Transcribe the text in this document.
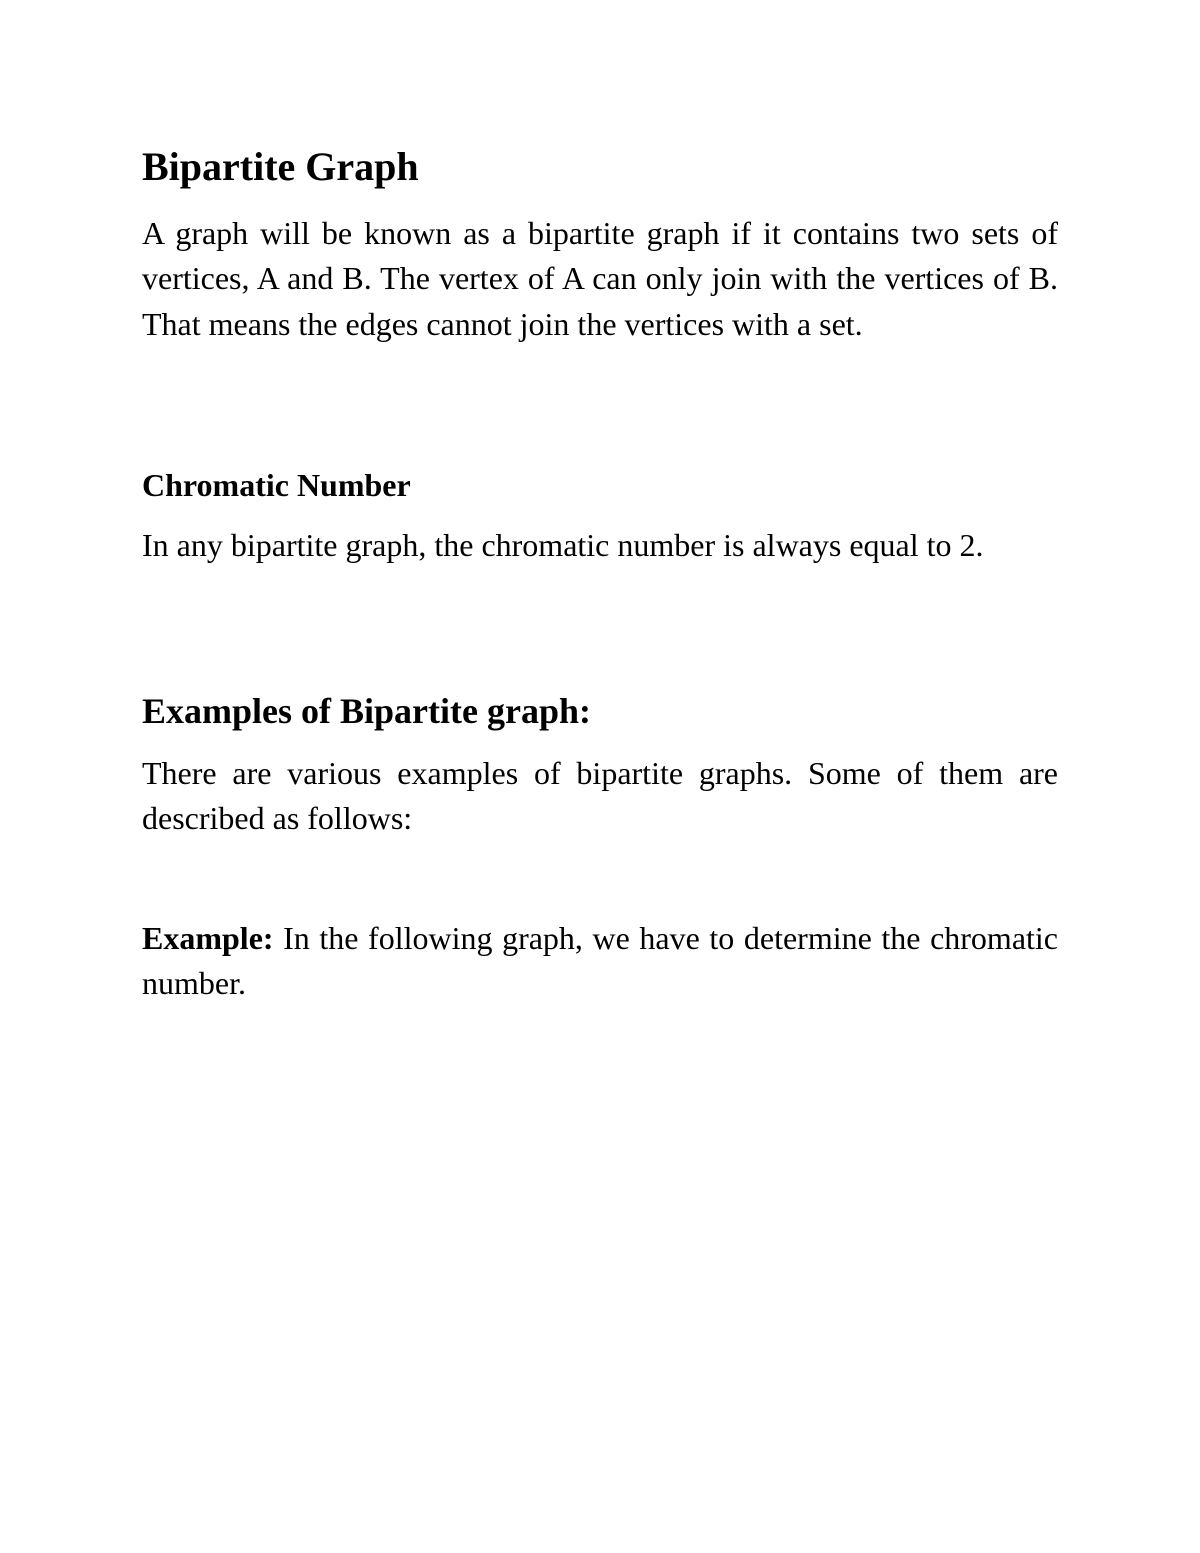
Bipartite Graph

A graph will be known as a bipartite graph if it contains two sets of vertices, A and B. The vertex of A can only join with the vertices of B. That means the edges cannot join the vertices with a set.

Chromatic Number

In any bipartite graph, the chromatic number is always equal to 2.

Examples of Bipartite graph:

There are various examples of bipartite graphs. Some of them are described as follows:

Example: In the following graph, we have to determine the chromatic number.
